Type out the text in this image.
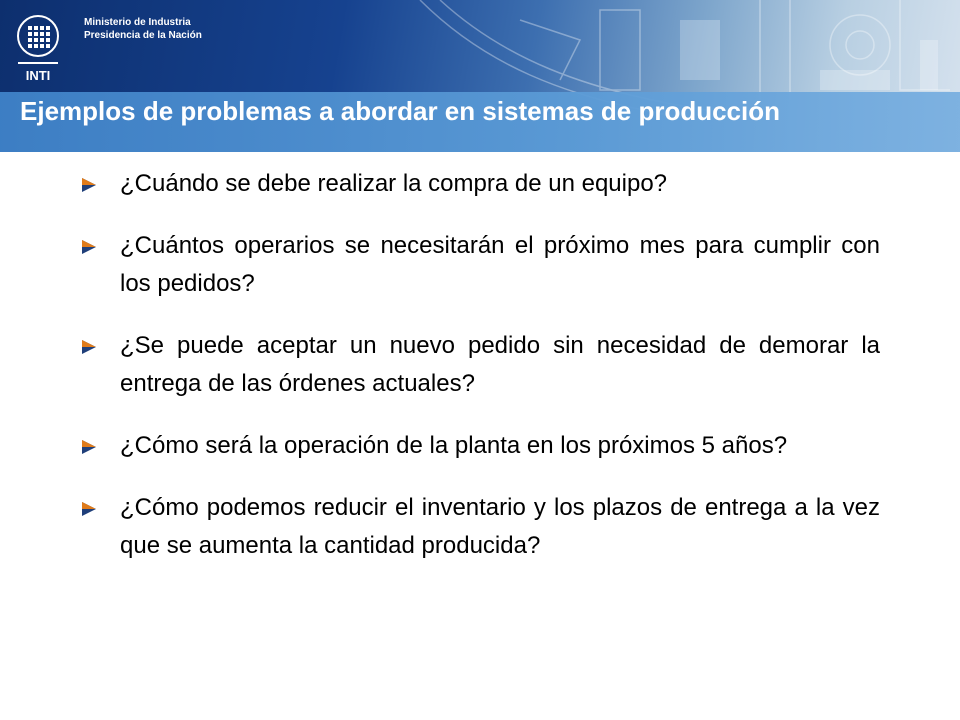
INTI
Ministerio de Industria
Presidencia de la Nación
Ejemplos de problemas a abordar en sistemas de producción
¿Cuándo se debe realizar la compra de un equipo?
¿Cuántos operarios se necesitarán el próximo mes para cumplir con los pedidos?
¿Se puede aceptar un nuevo pedido sin necesidad de demorar la entrega de las órdenes actuales?
¿Cómo será la operación de la planta en los próximos 5 años?
¿Cómo podemos reducir el inventario y los plazos de entrega a la vez que se aumenta la cantidad producida?
